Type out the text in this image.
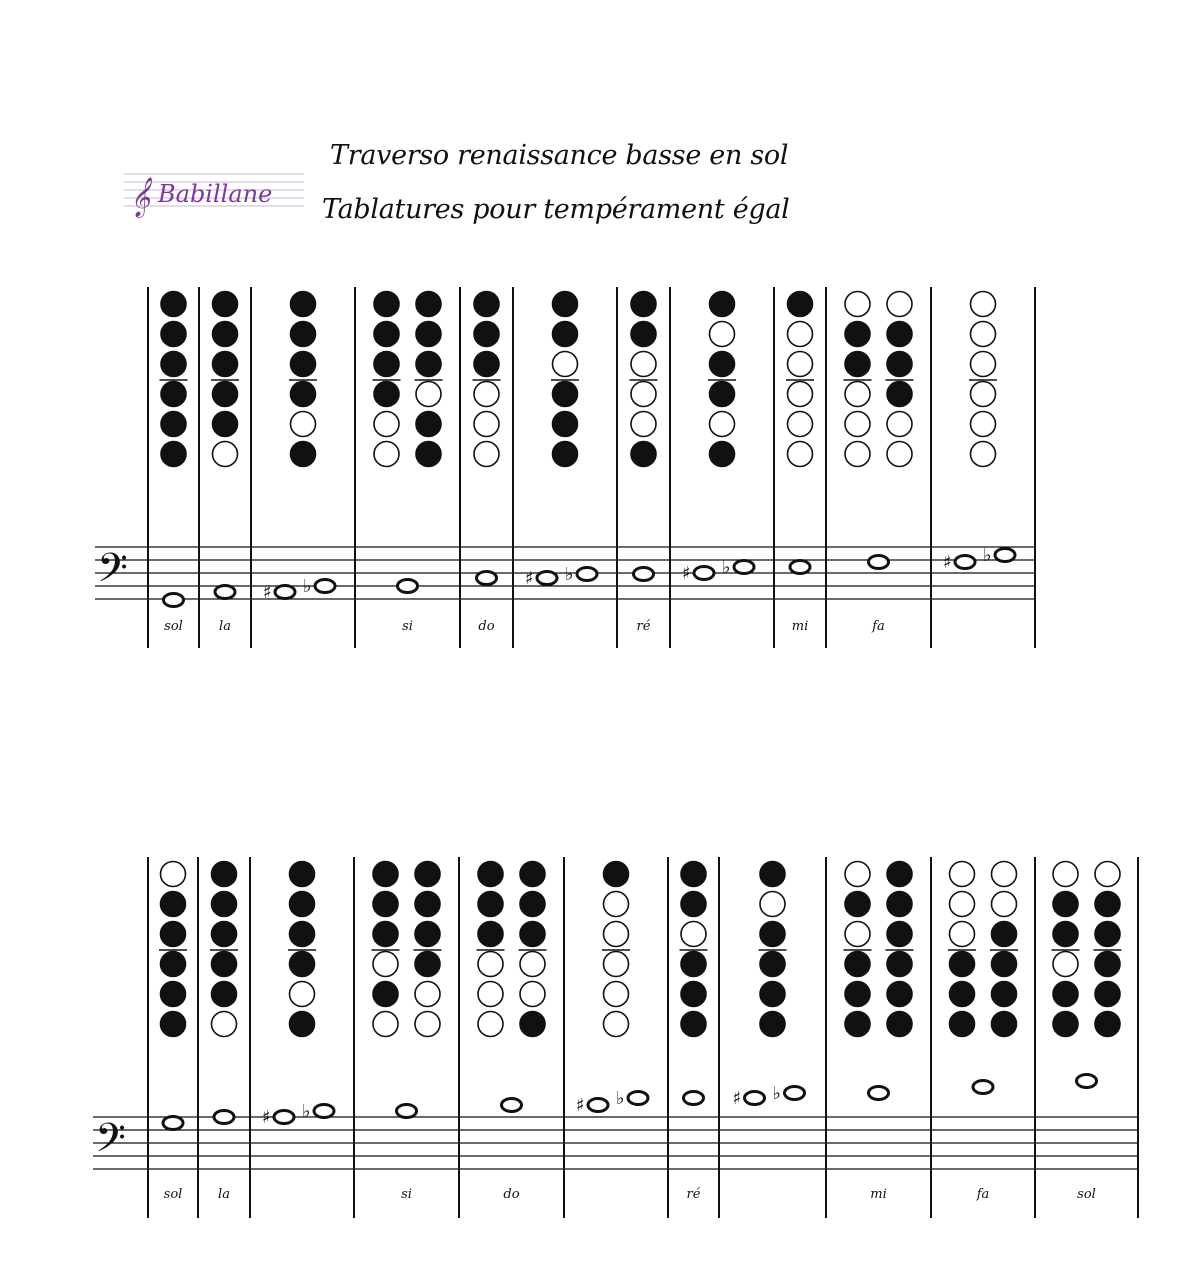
𝄞 Babillane
Traverso renaissance basse en sol
Tablatures pour tempérament égal
𝄢
sol	la
♯ ♭
si	do
♯ ♭
ré
♯ ♭
mi	fa
♯ ♭
𝄢
sol	la
♯ ♭
si	do
♯ ♭
ré
♯ ♭
mi	fa	sol
